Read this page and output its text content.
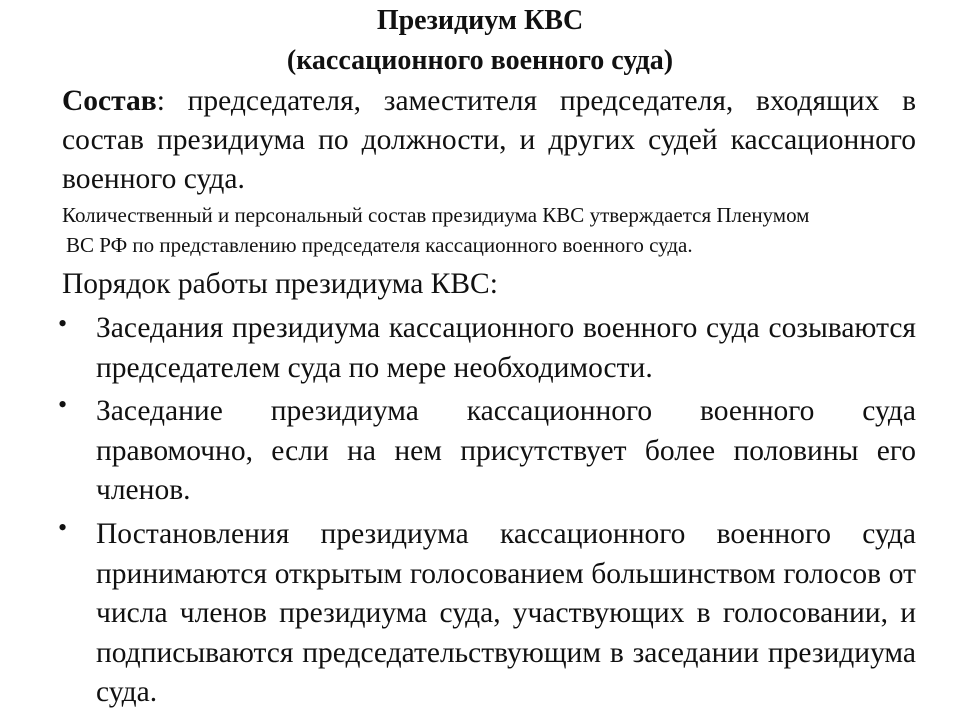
Президиум КВС
(кассационного военного суда)
Состав: председателя, заместителя председателя, входящих в состав президиума по должности, и других судей кассационного военного суда.
Количественный и персональный состав президиума КВС утверждается Пленумом
ВС РФ по представлению председателя кассационного военного суда.
Порядок работы президиума КВС:
• Заседания президиума кассационного военного суда созываются председателем суда по мере необходимости.
• Заседание президиума кассационного военного суда правомочно, если на нем присутствует более половины его членов.
• Постановления президиума кассационного военного суда принимаются открытым голосованием большинством голосов от числа членов президиума суда, участвующих в голосовании, и подписываются председательствующим в заседании президиума суда.
